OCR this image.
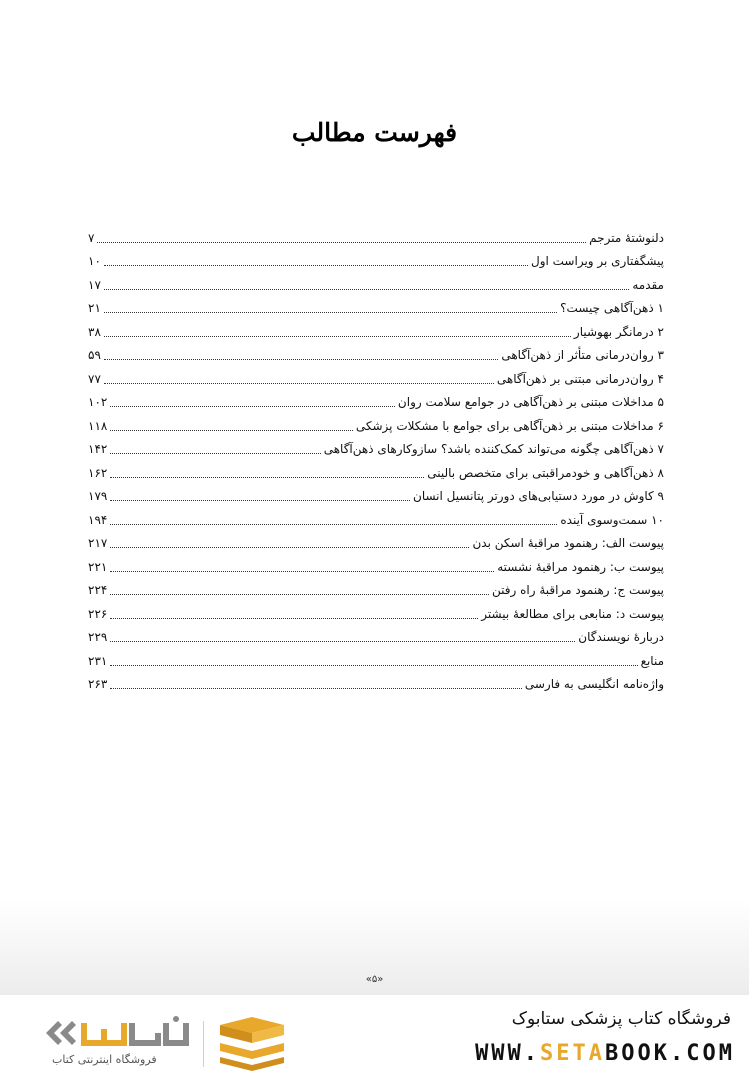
فهرست مطالب
دلنوشتهٔ مترجم
۷
پیشگفتاری بر ویراست اول
۱۰
مقدمه
۱۷
۱ ذهن‌آگاهی چیست؟
۲۱
۲ درمانگر بهوشیار
۳۸
۳ روان‌درمانی متأثر از ذهن‌آگاهی
۵۹
۴ روان‌درمانی مبتنی بر ذهن‌آگاهی
۷۷
۵ مداخلات مبتنی بر ذهن‌آگاهی در جوامع سلامت روان
۱۰۲
۶ مداخلات مبتنی بر ذهن‌آگاهی برای جوامع با مشکلات پزشکی
۱۱۸
۷ ذهن‌آگاهی چگونه می‌تواند کمک‌کننده باشد؟ سازوکارهای ذهن‌آگاهی
۱۴۲
۸ ذهن‌آگاهی و خودمراقبتی برای متخصص بالینی
۱۶۲
۹ کاوش در مورد دستیابی‌های دورتر پتانسیل انسان
۱۷۹
۱۰ سمت‌وسوی آینده
۱۹۴
پیوست الف: رهنمود مراقبهٔ اسکن بدن
۲۱۷
پیوست ب: رهنمود مراقبهٔ نشسته
۲۲۱
پیوست ج: رهنمود مراقبهٔ راه رفتن
۲۲۴
پیوست د: منابعی برای مطالعهٔ بیشتر
۲۲۶
دربارهٔ نویسندگان
۲۲۹
منابع
۲۳۱
واژه‌نامه انگلیسی به فارسی
۲۶۳
«۵»
فروشگاه کتاب پزشکی ستابوک
WWW.SETABOOK.COM
فروشگاه اینترنتی کتاب
